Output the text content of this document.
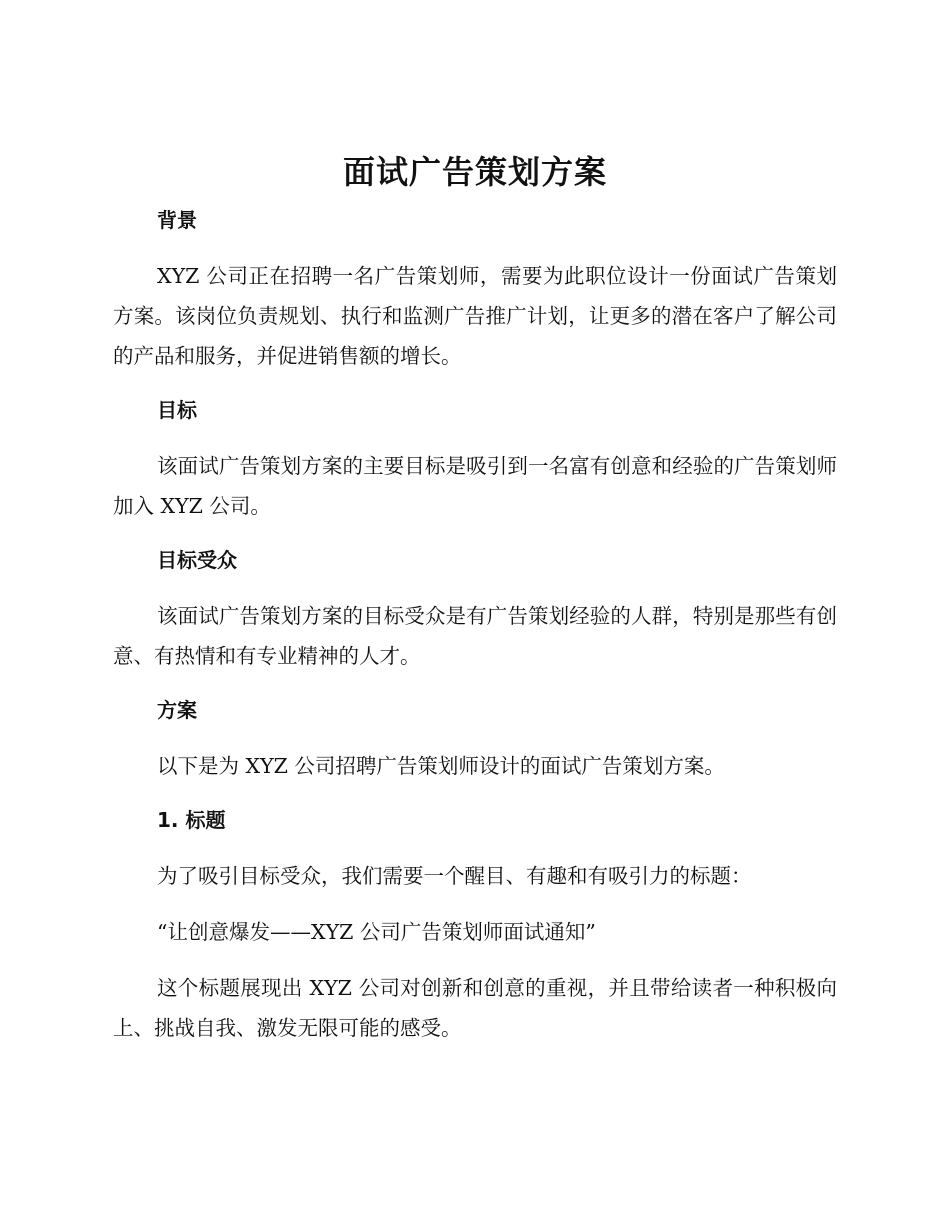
面试广告策划方案
背景

XYZ 公司正在招聘一名广告策划师，需要为此职位设计一份面试广告策划方案。该岗位负责规划、执行和监测广告推广计划，让更多的潜在客户了解公司的产品和服务，并促进销售额的增长。

目标

该面试广告策划方案的主要目标是吸引到一名富有创意和经验的广告策划师加入 XYZ 公司。

目标受众

该面试广告策划方案的目标受众是有广告策划经验的人群，特别是那些有创意、有热情和有专业精神的人才。

方案

以下是为 XYZ 公司招聘广告策划师设计的面试广告策划方案。

1. 标题

为了吸引目标受众，我们需要一个醒目、有趣和有吸引力的标题：

“让创意爆发——XYZ 公司广告策划师面试通知”

这个标题展现出 XYZ 公司对创新和创意的重视，并且带给读者一种积极向上、挑战自我、激发无限可能的感受。
